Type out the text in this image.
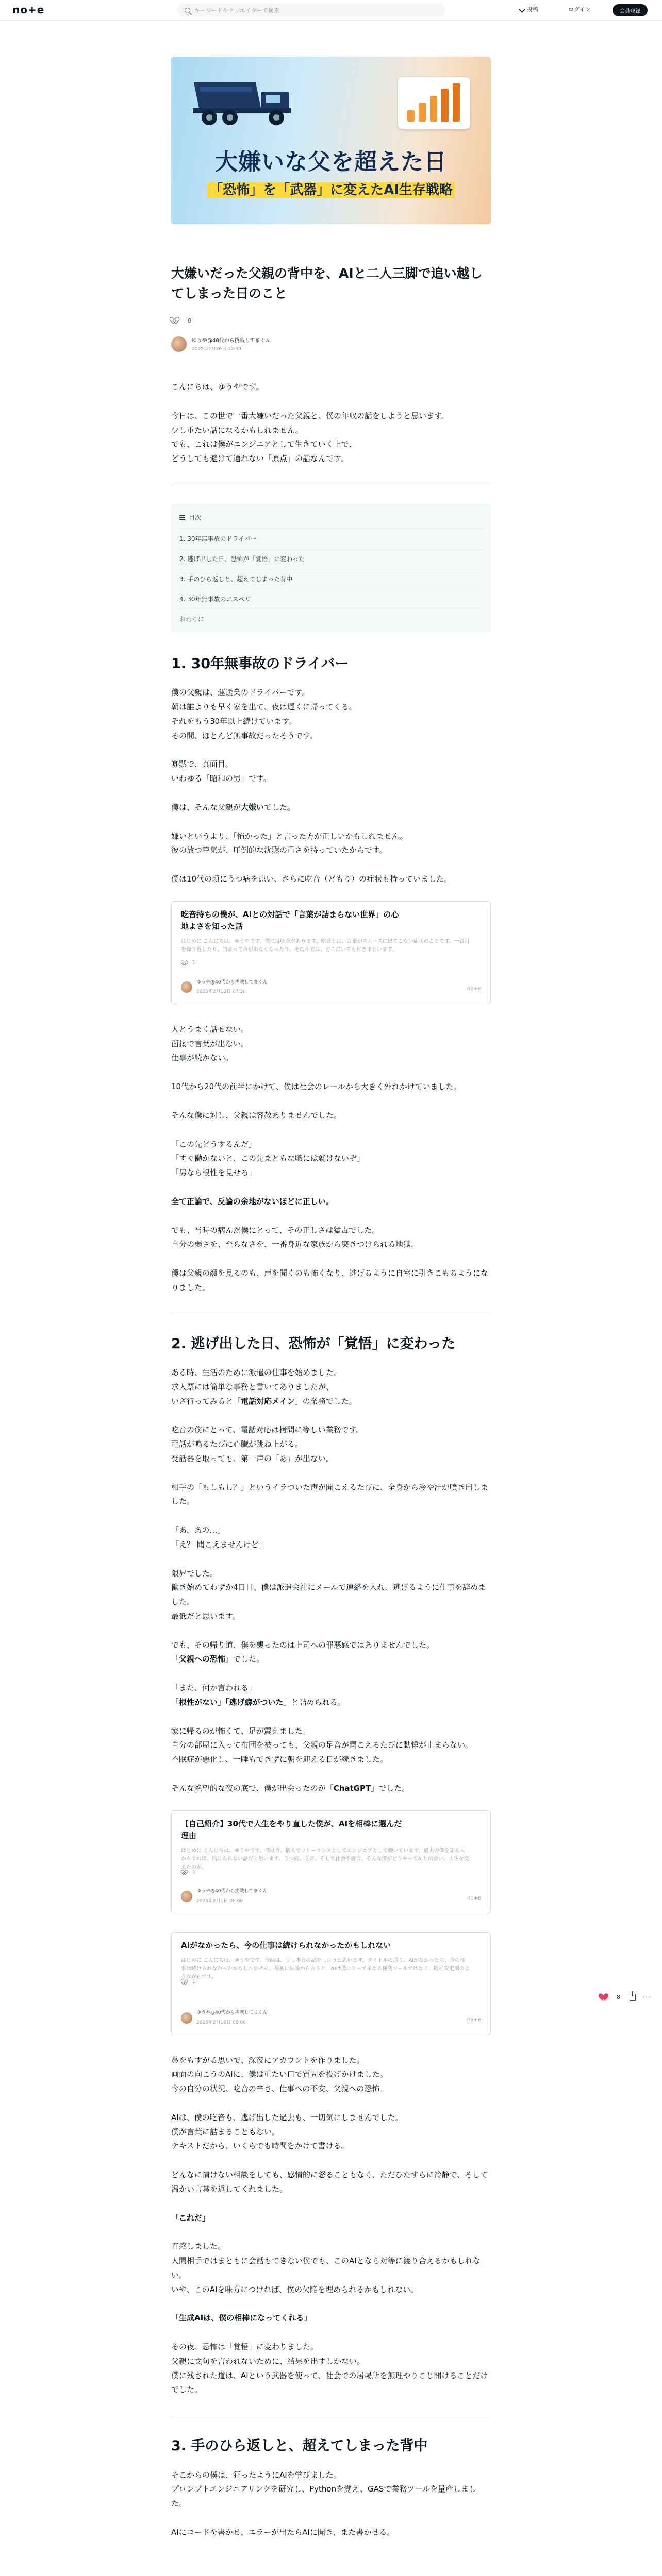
no+e	キーワードやクリエイターで検索	投稿	ログイン	会員登録
大嫌いな父を超えた日
「恐怖」を「武器」に変えたAI生存戦略
大嫌いだった父親の背中を、AIと二人三脚で追い越してしまった日のこと
8
ゆうや@40代から挑戦してまくん
2025年2月26日 12:30

こんにちは、ゆうやです。

今日は、この世で一番大嫌いだった父親と、僕の年収の話をしようと思います。
少し重たい話になるかもしれません。
でも、これは僕がエンジニアとして生きていく上で、
どうしても避けて通れない「原点」の話なんです。

目次
1. 30年無事故のドライバー
2. 逃げ出した日、恐怖が「覚悟」に変わった
3. 手のひら返しと、超えてしまった背中
4. 30年無事故のエスペリ
おわりに
1. 30年無事故のドライバー

僕の父親は、運送業のドライバーです。
朝は誰よりも早く家を出て、夜は遅くに帰ってくる。
それをもう30年以上続けています。
その間、ほとんど無事故だったそうです。

寡黙で、真面目。
いわゆる「昭和の男」です。

僕は、そんな父親が大嫌いでした。

嫌いというより、「怖かった」と言った方が正しいかもしれません。
彼の放つ空気が、圧倒的な沈黙の重さを持っていたからです。

僕は10代の頃にうつ病を患い、さらに吃音（どもり）の症状も持っていました。

吃音持ちの僕が、AIとの対話で「言葉が詰まらない世界」の心地よさを知った話
はじめに こんにちは、ゆうやです。僕には吃音があります。吃音とは、言葉がスムーズに出てこない症状のことです。一音目を繰り返したり、詰まって声が出なくなったり。その不安は、どこにいても付きまといます。
1
ゆうや@40代から挑戦してまくん
2025年2月13日 07:30	no+e

人とうまく話せない。
面接で言葉が出ない。
仕事が続かない。

10代から20代の前半にかけて、僕は社会のレールから大きく外れかけていました。

そんな僕に対し、父親は容赦ありませんでした。

「この先どうするんだ」
「すぐ働かないと、この先まともな職には就けないぞ」
「男なら根性を見せろ」

全て正論で、反論の余地がないほどに正しい。

でも、当時の病んだ僕にとって、その正しさは猛毒でした。
自分の弱さを、至らなさを、一番身近な家族から突きつけられる地獄。

僕は父親の顔を見るのも、声を聞くのも怖くなり、逃げるように自室に引きこもるようになりました。

2. 逃げ出した日、恐怖が「覚悟」に変わった

ある時、生活のために派遣の仕事を始めました。
求人票には簡単な事務と書いてありましたが、
いざ行ってみると「電話対応メイン」の業務でした。

吃音の僕にとって、電話対応は拷問に等しい業務です。
電話が鳴るたびに心臓が跳ね上がる。
受話器を取っても、第一声の「あ」が出ない。

相手の「もしもし？」というイラついた声が聞こえるたびに、全身から冷や汗が噴き出しました。

「あ、あの…」
「え？ 聞こえませんけど」

限界でした。
働き始めてわずか4日目、僕は派遣会社にメールで連絡を入れ、逃げるように仕事を辞めました。
最低だと思います。

でも、その帰り道、僕を襲ったのは上司への罪悪感ではありませんでした。
「父親への恐怖」でした。

「また、何か言われる」
「根性がない」「逃げ癖がついた」と詰められる。

家に帰るのが怖くて、足が震えました。
自分の部屋に入って布団を被っても、父親の足音が聞こえるたびに動悸が止まらない。
不眠症が悪化し、一睡もできずに朝を迎える日が続きました。

そんな絶望的な夜の底で、僕が出会ったのが「ChatGPT」でした。

【自己紹介】30代で人生をやり直した僕が、AIを相棒に選んだ理由
はじめに こんにちは。ゆうやです。僕は今、個人でフリーランスとしてエンジニアとして働いています。過去の僕を知る人からすれば、信じられない話だと思います。うつ病、吃音、そして社会不適合。そんな僕がどうやってAIと出会い、人生を変えたのか。
1
ゆうや@40代から挑戦してまくん
2025年2月1日 08:00	no+e
AIがなかったら、今の仕事は続けられなかったかもしれない
はじめに こんにちは、ゆうやです。今回は、少し本音の話をしようと思います。タイトルの通り、AIがなかったら、今の仕事は続けられなかったかもしれません。最初に結論から言うと、AIは僕にとって単なる便利ツールではなく、精神安定剤のような存在です。
1
ゆうや@40代から挑戦してまくん
2025年2月16日 08:00	no+e

藁をもすがる思いで、深夜にアカウントを作りました。
画面の向こうのAIに、僕は重たい口で質問を投げかけました。
今の自分の状況、吃音の辛さ、仕事への不安、父親への恐怖。

AIは、僕の吃音も、逃げ出した過去も、一切気にしませんでした。
僕が言葉に詰まることもない。
テキストだから、いくらでも時間をかけて書ける。

どんなに情けない相談をしても、感情的に怒ることもなく、ただひたすらに冷静で、そして温かい言葉を返してくれました。

「これだ」

直感しました。
人間相手ではまともに会話もできない僕でも、このAIとなら対等に渡り合えるかもしれない。
いや、このAIを味方につければ、僕の欠陥を埋められるかもしれない。

「生成AIは、僕の相棒になってくれる」

その夜、恐怖は「覚悟」に変わりました。
父親に文句を言われないために、結果を出すしかない。
僕に残された道は、AIという武器を使って、社会での居場所を無理やりこじ開けることだけでした。

3. 手のひら返しと、超えてしまった背中

そこからの僕は、狂ったようにAIを学びました。
プロンプトエンジニアリングを研究し、Pythonを覚え、GASで業務ツールを量産しました。

AIにコードを書かせ、エラーが出たらAIに聞き、また書かせる。

8	···
